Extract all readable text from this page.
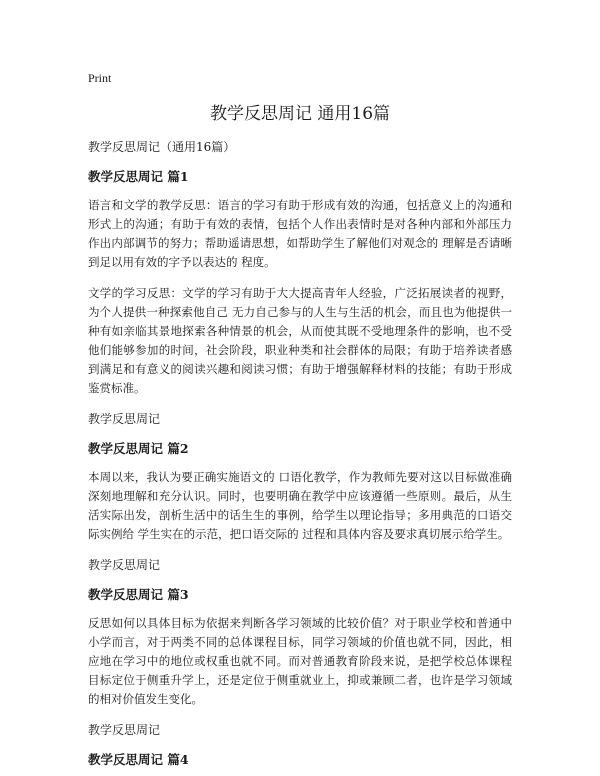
Print
教学反思周记 通用16篇
教学反思周记（通用16篇）
教学反思周记 篇1

语言和文学的教学反思：语言的学习有助于形成有效的沟通，包括意义上的沟通和形式上的沟通；有助于有效的表情，包括个人作出表情时是对各种内部和外部压力作出内部调节的努力；帮助遥请思想，如帮助学生了解他们对观念的 理解是否请晰到足以用有效的字予以表达的 程度。

文学的学习反思：文学的学习有助于大大提高青年人经验，广泛拓展读者的视野，为个人提供一种探索他自己 无力自己参与的人生与生活的机会，而且也为他提供一种有如亲临其景地探索各种情景的机会，从而使其既不受地理条件的影响，也不受他们能够参加的时间，社会阶段，职业种类和社会群体的局限；有助于培养读者感到满足和有意义的阅读兴趣和阅读习惯；有助于增强解释材料的技能；有助于形成鉴赏标准。

教学反思周记
教学反思周记 篇2

本周以来，我认为要正确实施语文的 口语化教学，作为教师先要对这以目标做准确深刻地理解和充分认识。同时，也要明确在教学中应该遵循一些原则。最后，从生活实际出发，剖析生活中的话生生的事例，给学生以理论指导；多用典范的口语交际实例给 学生实在的示范，把口语交际的 过程和具体内容及要求真切展示给学生。

教学反思周记
教学反思周记 篇3

反思如何以具体目标为依据来判断各学习领域的比较价值？对于职业学校和普通中小学而言，对于两类不同的总体课程目标，同学习领域的价值也就不同，因此，相应地在学习中的地位或权重也就不同。而对普通教育阶段来说，是把学校总体课程目标定位于侧重升学上，还是定位于侧重就业上，抑或兼顾二者，也许是学习领域的相对价值发生变化。

教学反思周记
教学反思周记 篇4
